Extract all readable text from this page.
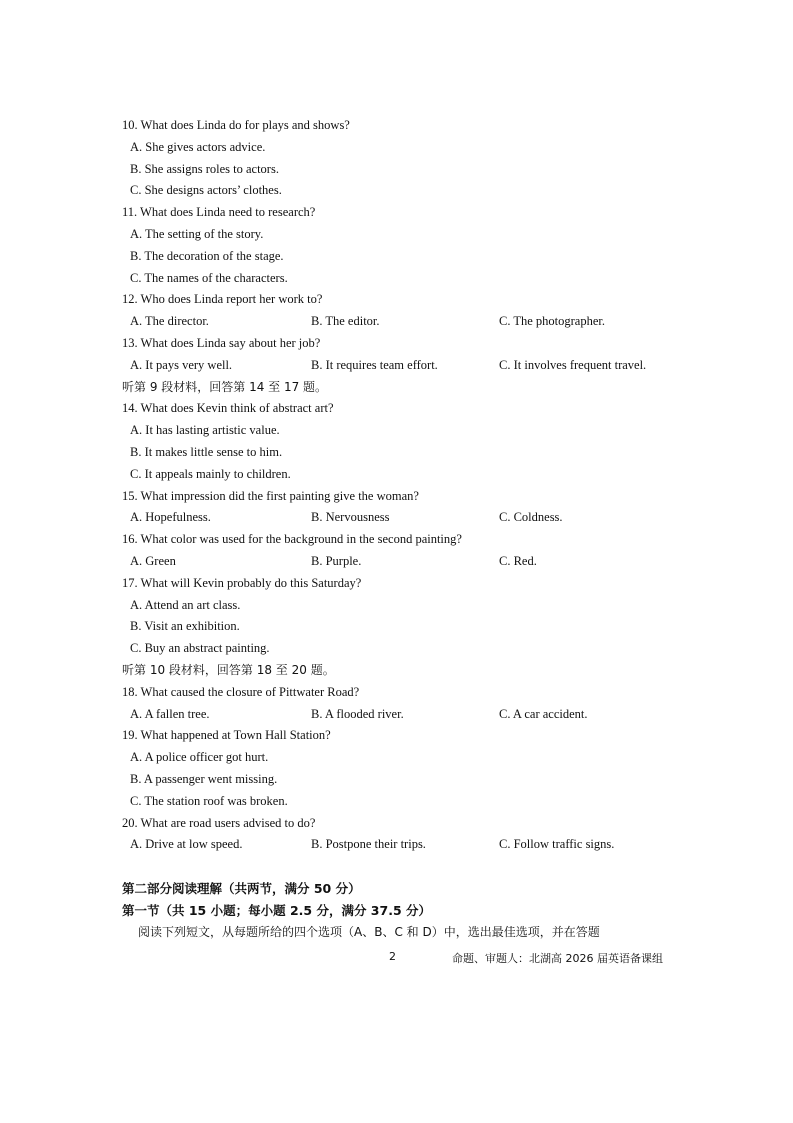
10. What does Linda do for plays and shows?
A. She gives actors advice.
B. She assigns roles to actors.
C. She designs actors’ clothes.
11. What does Linda need to research?
A. The setting of the story.
B. The decoration of the stage.
C. The names of the characters.
12. Who does Linda report her work to?
A. The director.	B. The editor.	C. The photographer.
13. What does Linda say about her job?
A. It pays very well.	B. It requires team effort.	C. It involves frequent travel.
听第 9 段材料，回答第 14 至 17 题。
14. What does Kevin think of abstract art?
A. It has lasting artistic value.
B. It makes little sense to him.
C. It appeals mainly to children.
15. What impression did the first painting give the woman?
A. Hopefulness.	B. Nervousness	C. Coldness.
16. What color was used for the background in the second painting?
A. Green	B. Purple.	C. Red.
17. What will Kevin probably do this Saturday?
A. Attend an art class.
B. Visit an exhibition.
C. Buy an abstract painting.
听第 10 段材料，回答第 18 至 20 题。
18. What caused the closure of Pittwater Road?
A. A fallen tree.	B. A flooded river.	C. A car accident.
19. What happened at Town Hall Station?
A. A police officer got hurt.
B. A passenger went missing.
C. The station roof was broken.
20. What are road users advised to do?
A. Drive at low speed.	B. Postpone their trips.	C. Follow traffic signs.
第二部分阅读理解（共两节，满分 50 分）
第一节（共 15 小题；每小题 2.5 分，满分 37.5 分）
阅读下列短文，从每题所给的四个选项（A、B、C 和 D）中，选出最佳选项，并在答题
2	命题、审题人：北湖高 2026 届英语备课组
